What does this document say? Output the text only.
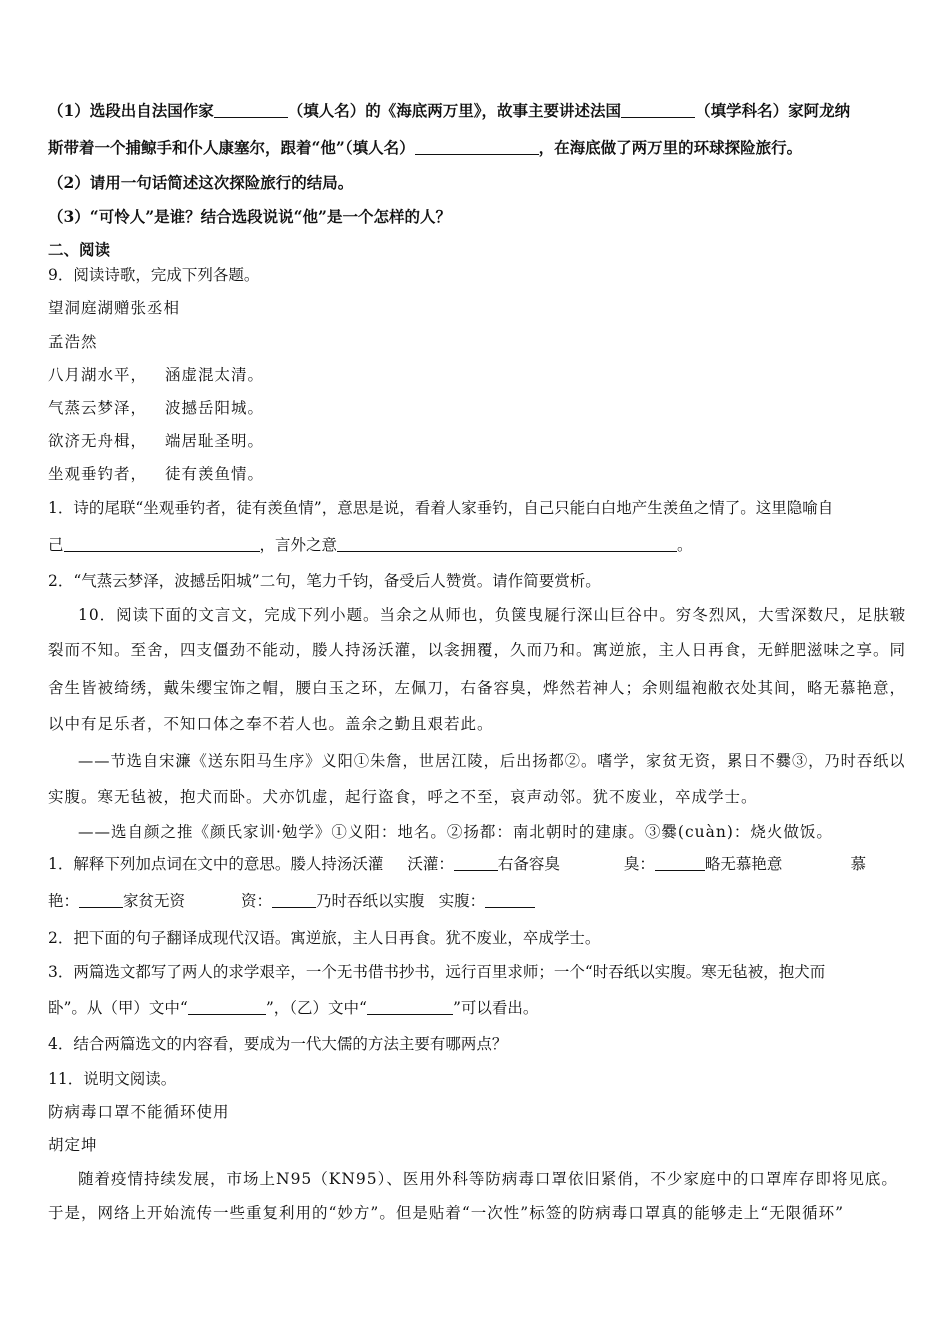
（1）选段出自法国作家	（填人名）的《海底两万里》，故事主要讲述法国	（填学科名）家阿龙纳
斯带着一个捕鲸手和仆人康塞尔，跟着“他”（填人名）	，在海底做了两万里的环球探险旅行。
（2）请用一句话简述这次探险旅行的结局。
（3）“可怜人”是谁？结合选段说说“他”是一个怎样的人？
二、阅读
9．阅读诗歌，完成下列各题。
望洞庭湖赠张丞相
孟浩然
八月湖水平， 涵虚混太清。
气蒸云梦泽， 波撼岳阳城。
欲济无舟楫， 端居耻圣明。
坐观垂钓者， 徒有羡鱼情。
1．诗的尾联“坐观垂钓者，徒有羡鱼情”，意思是说，看着人家垂钓，自己只能白白地产生羡鱼之情了。这里隐喻自
己	，言外之意	。
2．“气蒸云梦泽，波撼岳阳城”二句，笔力千钧，备受后人赞赏。请作简要赏析。
10．阅读下面的文言文，完成下列小题。当余之从师也，负箧曳屣行深山巨谷中。穷冬烈风，大雪深数尺，足肤皲
裂而不知。至舍，四支僵劲不能动，媵人持汤沃灌，以衾拥覆，久而乃和。寓逆旅，主人日再食，无鲜肥滋味之享。同
舍生皆被绮绣，戴朱缨宝饰之帽，腰白玉之环，左佩刀，右备容臭，烨然若神人；余则缊袍敝衣处其间，略无慕艳意，
以中有足乐者，不知口体之奉不若人也。盖余之勤且艰若此。
——节选自宋濂《送东阳马生序》义阳①朱詹，世居江陵，后出扬都②。嗜学，家贫无资，累日不爨③，乃时吞纸以
实腹。寒无毡被，抱犬而卧。犬亦饥虚，起行盗食，呼之不至，哀声动邻。犹不废业，卒成学士。
——选自颜之推《颜氏家训·勉学》①义阳：地名。②扬都：南北朝时的建康。③爨(cuàn)：烧火做饭。
1．解释下列加点词在文中的意思。媵人持汤沃灌 沃灌：	右备容臭	臭：	略无慕艳意	慕
艳：	家贫无资	资：	乃时吞纸以实腹 实腹：
2．把下面的句子翻译成现代汉语。寓逆旅，主人日再食。犹不废业，卒成学士。
3．两篇选文都写了两人的求学艰辛，一个无书借书抄书，远行百里求师；一个“时吞纸以实腹。寒无毡被，抱犬而
卧”。从（甲）文中“	”，（乙）文中“	”可以看出。
4．结合两篇选文的内容看，要成为一代大儒的方法主要有哪两点？
11．说明文阅读。
防病毒口罩不能循环使用
胡定坤
随着疫情持续发展，市场上N95（KN95）、医用外科等防病毒口罩依旧紧俏，不少家庭中的口罩库存即将见底。
于是，网络上开始流传一些重复利用的“妙方”。但是贴着“一次性”标签的防病毒口罩真的能够走上“无限循环”
